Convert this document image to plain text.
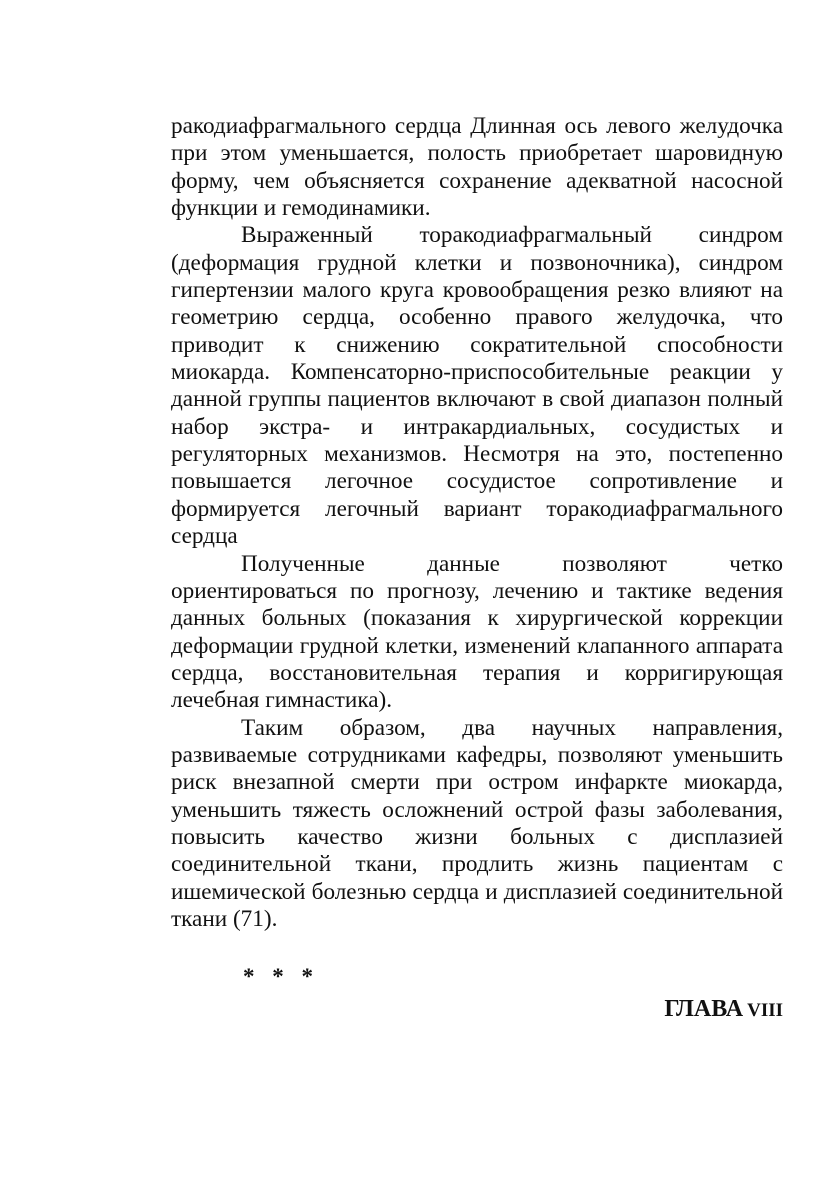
ракодиафрагмального сердца Длинная ось левого желудочка при этом уменьшается, полость приобретает шаровидную форму, чем объясняется сохранение адекватной насосной функции и гемодинамики.

Выраженный торакодиафрагмальный синдром (деформация грудной клетки и позвоночника), синдром гипертензии малого круга кровообращения резко влияют на геометрию сердца, особенно правого желудочка, что приводит к снижению сократительной способности миокарда. Компенсаторно-приспособительные реакции у данной группы пациентов включают в свой диапазон полный набор экстра- и интракардиальных, сосудистых и регуляторных механизмов. Несмотря на это, постепенно повышается легочное сосудистое сопротивление и формируется легочный вариант торакодиафрагмального сердца

Полученные данные позволяют четко ориентироваться по прогнозу, лечению и тактике ведения данных больных (показания к хирургической коррекции деформации грудной клетки, изменений клапанного аппарата сердца, восстановительная терапия и корригирующая лечебная гимнастика).

Таким образом, два научных направления, развиваемые сотрудниками кафедры, позволяют уменьшить риск внезапной смерти при остром инфаркте миокарда, уменьшить тяжесть осложнений острой фазы заболевания, повысить качество жизни больных с дисплазией соединительной ткани, продлить жизнь пациентам с ишемической болезнью сердца и дисплазией соединительной ткани (71).

* * *
ГЛАВА VIII
